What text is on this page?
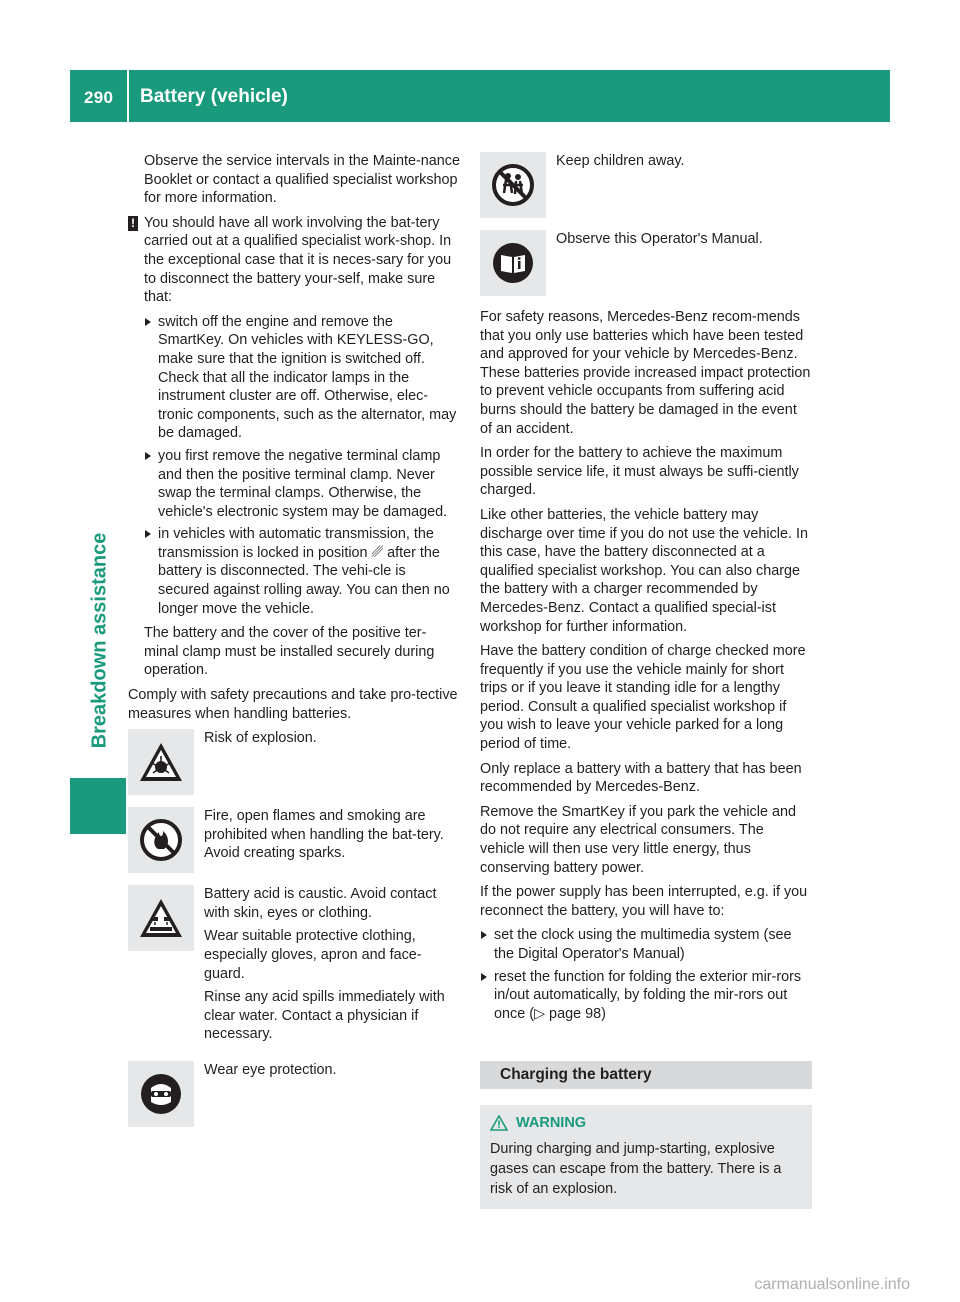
290 Battery (vehicle)
Breakdown assistance

Observe the service intervals in the Mainte-nance Booklet or contact a qualified specialist workshop for more information.

! You should have all work involving the bat-tery carried out at a qualified specialist work-shop. In the exceptional case that it is neces-sary for you to disconnect the battery your-self, make sure that:
switch off the engine and remove the SmartKey. On vehicles with KEYLESS-GO, make sure that the ignition is switched off. Check that all the indicator lamps in the instrument cluster are off. Otherwise, elec-tronic components, such as the alternator, may be damaged.
you first remove the negative terminal clamp and then the positive terminal clamp. Never swap the terminal clamps. Otherwise, the vehicle's electronic system may be damaged.
in vehicles with automatic transmission, the transmission is locked in position ␥ after the battery is disconnected. The vehi-cle is secured against rolling away. You can then no longer move the vehicle.

The battery and the cover of the positive ter-minal clamp must be installed securely during operation.

Comply with safety precautions and take pro-tective measures when handling batteries.

Risk of explosion.

Fire, open flames and smoking are prohibited when handling the bat-tery. Avoid creating sparks.

Battery acid is caustic. Avoid contact with skin, eyes or clothing.

Wear suitable protective clothing, especially gloves, apron and face-guard.

Rinse any acid spills immediately with clear water. Contact a physician if necessary.

Wear eye protection.

Keep children away.

Observe this Operator's Manual.

For safety reasons, Mercedes-Benz recom-mends that you only use batteries which have been tested and approved for your vehicle by Mercedes-Benz. These batteries provide increased impact protection to prevent vehicle occupants from suffering acid burns should the battery be damaged in the event of an accident.

In order for the battery to achieve the maximum possible service life, it must always be suffi-ciently charged.

Like other batteries, the vehicle battery may discharge over time if you do not use the vehicle. In this case, have the battery disconnected at a qualified specialist workshop. You can also charge the battery with a charger recommended by Mercedes-Benz. Contact a qualified special-ist workshop for further information.

Have the battery condition of charge checked more frequently if you use the vehicle mainly for short trips or if you leave it standing idle for a lengthy period. Consult a qualified specialist workshop if you wish to leave your vehicle parked for a long period of time.

Only replace a battery with a battery that has been recommended by Mercedes-Benz.

Remove the SmartKey if you park the vehicle and do not require any electrical consumers. The vehicle will then use very little energy, thus conserving battery power.

If the power supply has been interrupted, e.g. if you reconnect the battery, you will have to:

set the clock using the multimedia system (see the Digital Operator's Manual)
reset the function for folding the exterior mir-rors in/out automatically, by folding the mir-rors out once (▷ page 98)
Charging the battery
WARNING
During charging and jump-starting, explosive gases can escape from the battery. There is a risk of an explosion.
carmanualsonline.info
